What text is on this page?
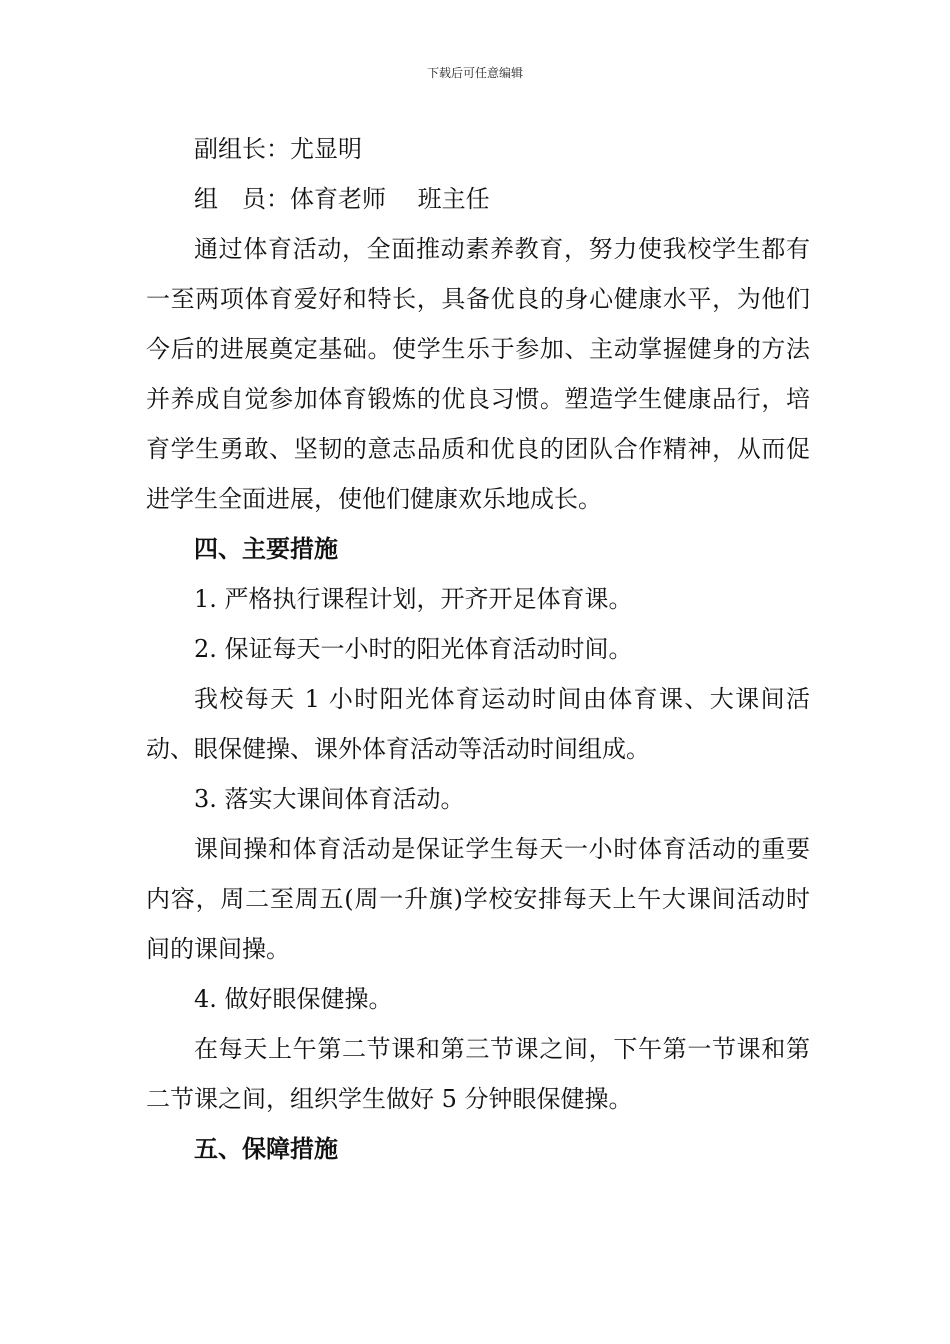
下载后可任意编辑

副组长：尤显明

组　员：体育老师　 班主任

通过体育活动，全面推动素养教育，努力使我校学生都有一至两项体育爱好和特长，具备优良的身心健康水平，为他们今后的进展奠定基础。使学生乐于参加、主动掌握健身的方法并养成自觉参加体育锻炼的优良习惯。塑造学生健康品行，培育学生勇敢、坚韧的意志品质和优良的团队合作精神，从而促进学生全面进展，使他们健康欢乐地成长。

四、主要措施

1. 严格执行课程计划，开齐开足体育课。

2. 保证每天一小时的阳光体育活动时间。

我校每天 1 小时阳光体育运动时间由体育课、大课间活动、眼保健操、课外体育活动等活动时间组成。

3. 落实大课间体育活动。

课间操和体育活动是保证学生每天一小时体育活动的重要内容，周二至周五(周一升旗)学校安排每天上午大课间活动时间的课间操。

4. 做好眼保健操。

在每天上午第二节课和第三节课之间，下午第一节课和第二节课之间，组织学生做好 5 分钟眼保健操。

五、保障措施
